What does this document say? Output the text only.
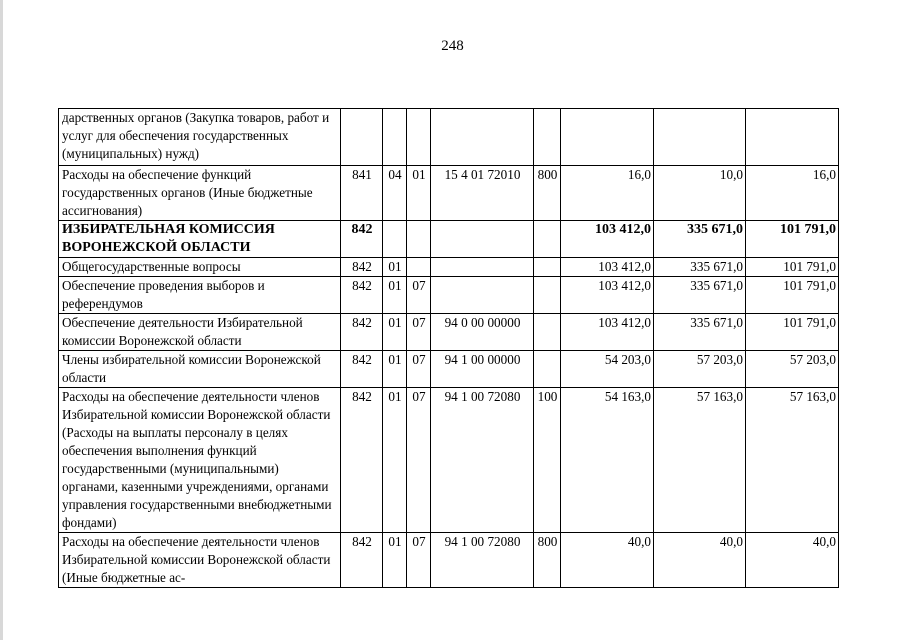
248
дарственных органов (Закупка товаров, работ и услуг для обеспечения государственных (муниципальных) нужд)								
Расходы на обеспечение функций государственных органов (Иные бюджетные ассигнования)	841	04	01	15 4 01 72010	800	16,0	10,0	16,0
ИЗБИРАТЕЛЬНАЯ КОМИССИЯ ВОРОНЕЖСКОЙ ОБЛАСТИ	842					103 412,0	335 671,0	101 791,0
Общегосударственные вопросы	842	01				103 412,0	335 671,0	101 791,0
Обеспечение проведения выборов и референдумов	842	01	07			103 412,0	335 671,0	101 791,0
Обеспечение деятельности Избирательной комиссии Воронежской области	842	01	07	94 0 00 00000		103 412,0	335 671,0	101 791,0
Члены избирательной комиссии Воронежской области	842	01	07	94 1 00 00000		54 203,0	57 203,0	57 203,0
Расходы на обеспечение деятельности членов Избирательной комиссии Воронежской области (Расходы на выплаты персоналу в целях обеспечения выполнения функций государственными (муниципальными) органами, казенными учреждениями, органами управления государственными внебюджетными фондами)	842	01	07	94 1 00 72080	100	54 163,0	57 163,0	57 163,0
Расходы на обеспечение деятельности членов Избирательной комиссии Воронежской области (Иные бюджетные ас-	842	01	07	94 1 00 72080	800	40,0	40,0	40,0
